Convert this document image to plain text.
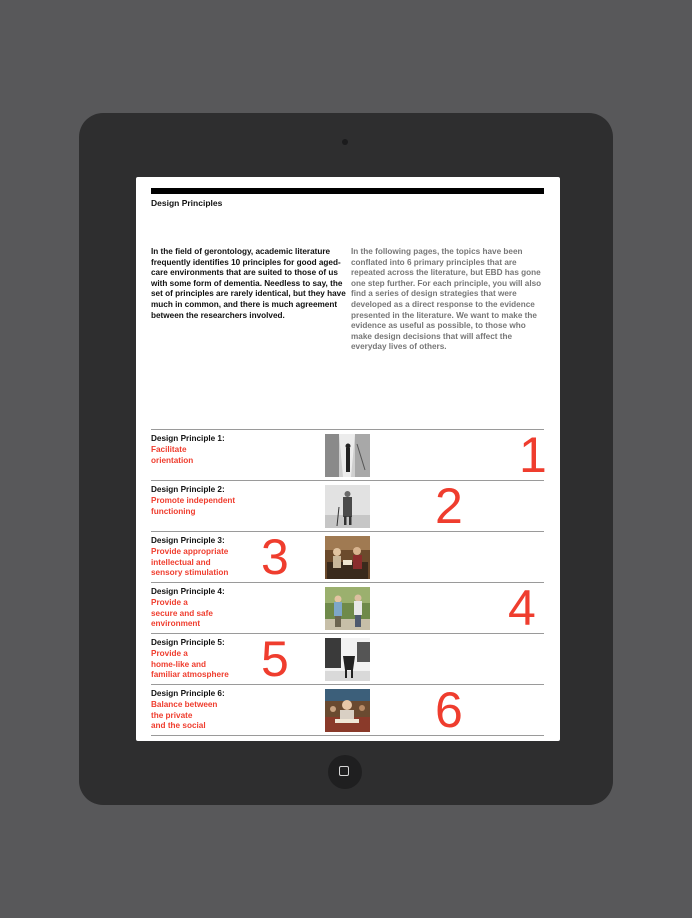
Design Principles

In the field of gerontology, academic literature frequently identifies 10 principles for good aged-care environments that are suited to those of us with some form of dementia. Needless to say, the set of principles are rarely identical, but they have much in common, and there is much agreement between the researchers involved.

In the following pages, the topics have been conflated into 6 primary principles that are repeated across the literature, but EBD has gone one step further. For each principle, you will also find a series of design strategies that were developed as a direct response to the evidence presented in the literature. We want to make the evidence as useful as possible, to those who make design decisions that will affect the everyday lives of others.

Design Principle 1:
Facilitate
orientation	1
Design Principle 2:
Promote independent
functioning	2
Design Principle 3:
Provide appropriate
intellectual and
sensory stimulation 3
Design Principle 4:
Provide a
secure and safe
environment	4
Design Principle 5:
Provide a
home-like and
familiar atmosphere 5
Design Principle 6:
Balance between
the private
and the social	6
